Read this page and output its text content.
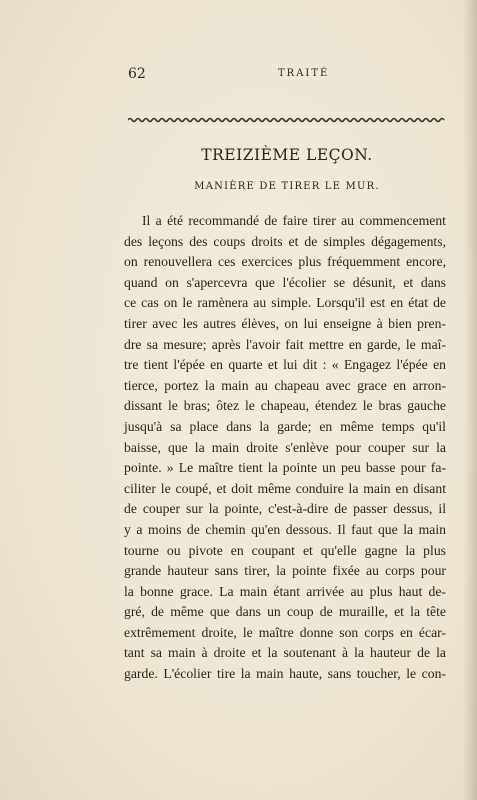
62	TRAITÉ
TREIZIÈME LEÇON.
MANIÈRE DE TIRER LE MUR.
Il a été recommandé de faire tirer au commencement
des leçons des coups droits et de simples dégagements,
on renouvellera ces exercices plus fréquemment encore,
quand on s'apercevra que l'écolier se désunit, et dans
ce cas on le ramènera au simple. Lorsqu'il est en état de
tirer avec les autres élèves, on lui enseigne à bien pren-
dre sa mesure; après l'avoir fait mettre en garde, le maî-
tre tient l'épée en quarte et lui dit : « Engagez l'épée en
tierce, portez la main au chapeau avec grace en arron-
dissant le bras; ôtez le chapeau, étendez le bras gauche
jusqu'à sa place dans la garde; en même temps qu'il
baisse, que la main droite s'enlève pour couper sur la
pointe. » Le maître tient la pointe un peu basse pour fa-
ciliter le coupé, et doit même conduire la main en disant
de couper sur la pointe, c'est-à-dire de passer dessus, il
y a moins de chemin qu'en dessous. Il faut que la main
tourne ou pivote en coupant et qu'elle gagne la plus
grande hauteur sans tirer, la pointe fixée au corps pour
la bonne grace. La main étant arrivée au plus haut de-
gré, de même que dans un coup de muraille, et la tête
extrêmement droite, le maître donne son corps en écar-
tant sa main à droite et la soutenant à la hauteur de la
garde. L'écolier tire la main haute, sans toucher, le con-
